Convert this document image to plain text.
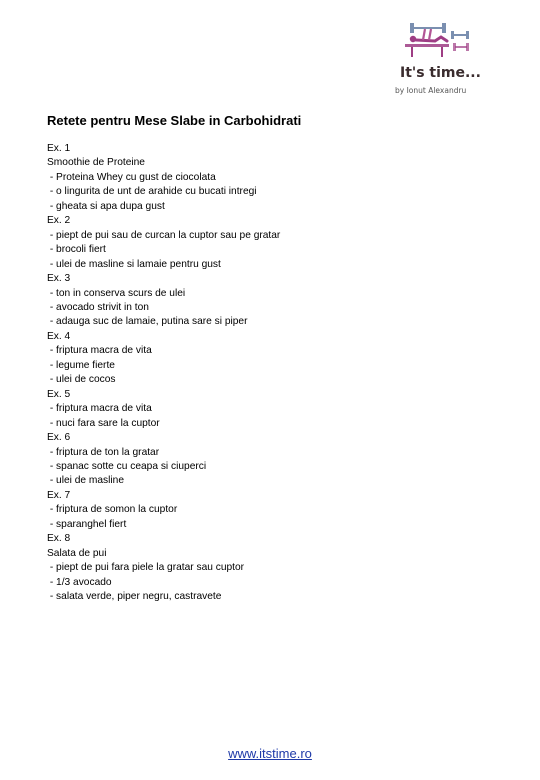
It's time...
by Ionut Alexandru
Retete pentru Mese Slabe in Carbohidrati
Ex. 1
Smoothie de Proteine
- Proteina Whey cu gust de ciocolata
- o lingurita de unt de arahide cu bucati intregi
- gheata si apa dupa gust
Ex. 2
- piept de pui sau de curcan la cuptor sau pe gratar
- brocoli fiert
- ulei de masline si lamaie pentru gust
Ex. 3
- ton in conserva scurs de ulei
- avocado strivit in ton
- adauga suc de lamaie, putina sare si piper
Ex. 4
- friptura macra de vita
- legume fierte
- ulei de cocos
Ex. 5
- friptura macra de vita
- nuci fara sare la cuptor
Ex. 6
- friptura de ton la gratar
- spanac sotte cu ceapa si ciuperci
- ulei de masline
Ex. 7
- friptura de somon la cuptor
- sparanghel fiert
Ex. 8
Salata de pui
- piept de pui fara piele la gratar sau cuptor
- 1/3 avocado
- salata verde, piper negru, castravete
www.itstime.ro
